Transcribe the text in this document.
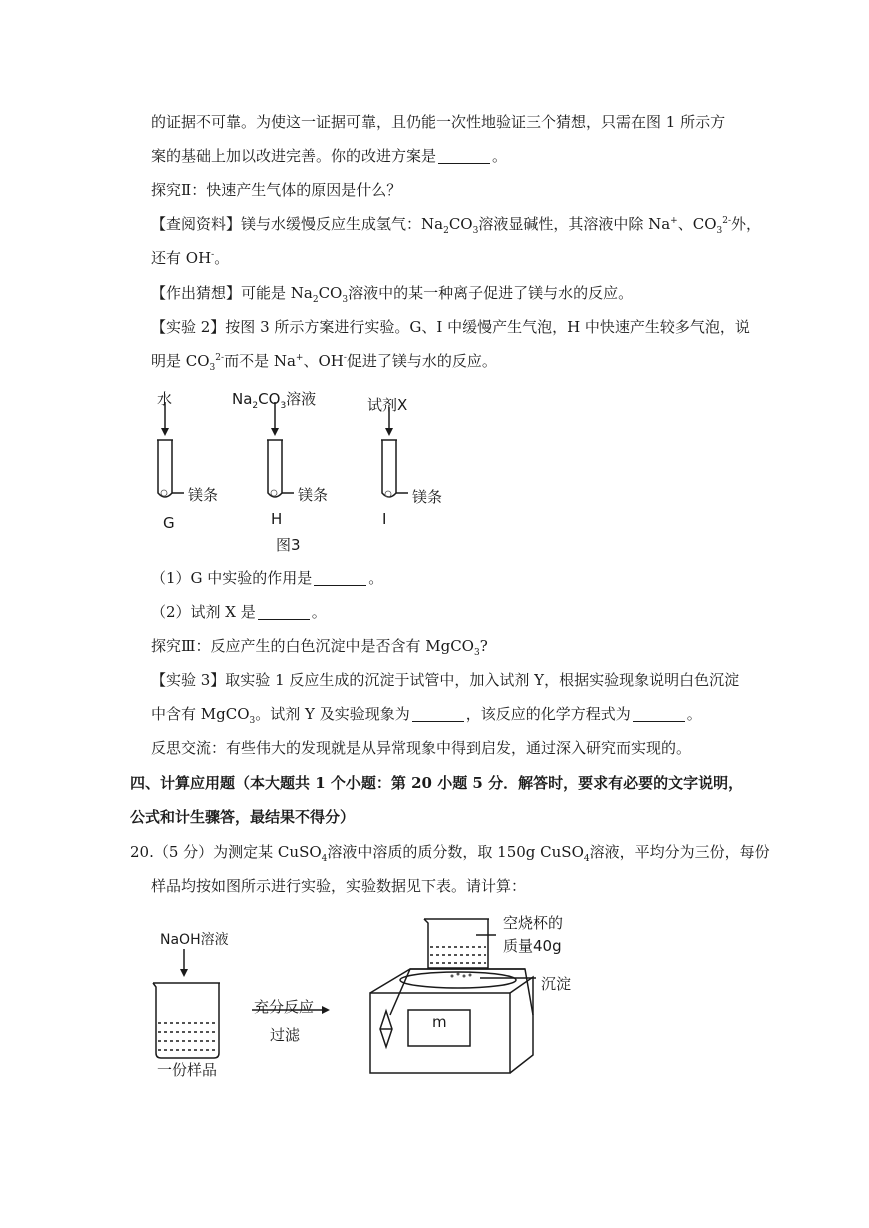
的证据不可靠。为使这一证据可靠，且仍能一次性地验证三个猜想，只需在图 1 所示方
案的基础上加以改进完善。你的改进方案是	。
探究Ⅱ：快速产生气体的原因是什么？
【查阅资料】镁与水缓慢反应生成氢气：$Na_2CO_3$溶液显碱性，其溶液中除 Na+、$CO_3^{2-}$外，
还有 OH-。
【作出猜想】可能是 $Na_2CO_3$溶液中的某一种离子促进了镁与水的反应。
【实验 2】按图 3 所示方案进行实验。G、I 中缓慢产生气泡，H 中快速产生较多气泡，说
明是 $CO_3^{2-}$而不是 Na+、OH-促进了镁与水的反应。
水	$Na_2CO_3$溶液	试剂X
镁条	镁条	镁条
G	H	I
图3
（1）G 中实验的作用是	。
（2）试剂 X 是	。
探究Ⅲ：反应产生的白色沉淀中是否含有 MgCO$_3$?
【实验 3】取实验 1 反应生成的沉淀于试管中，加入试剂 Y，根据实验现象说明白色沉淀
中含有 MgCO$_3$。试剂 Y 及实验现象为	，该反应的化学方程式为	。
反思交流：有些伟大的发现就是从异常现象中得到启发，通过深入研究而实现的。
四、计算应用题（本大题共 1 个小题：第 20 小题 5 分．解答时，要求有必要的文字说明，
公式和计生骤答，最结果不得分）
20.（5 分）为测定某 CuSO$_4$溶液中溶质的质分数，取 150g CuSO$_4$溶液，平均分为三份，每份
样品均按如图所示进行实验，实验数据见下表。请计算：
NaOH溶液
一份样品
充分反应
过滤
空烧杯的
质量40g
沉淀
m
